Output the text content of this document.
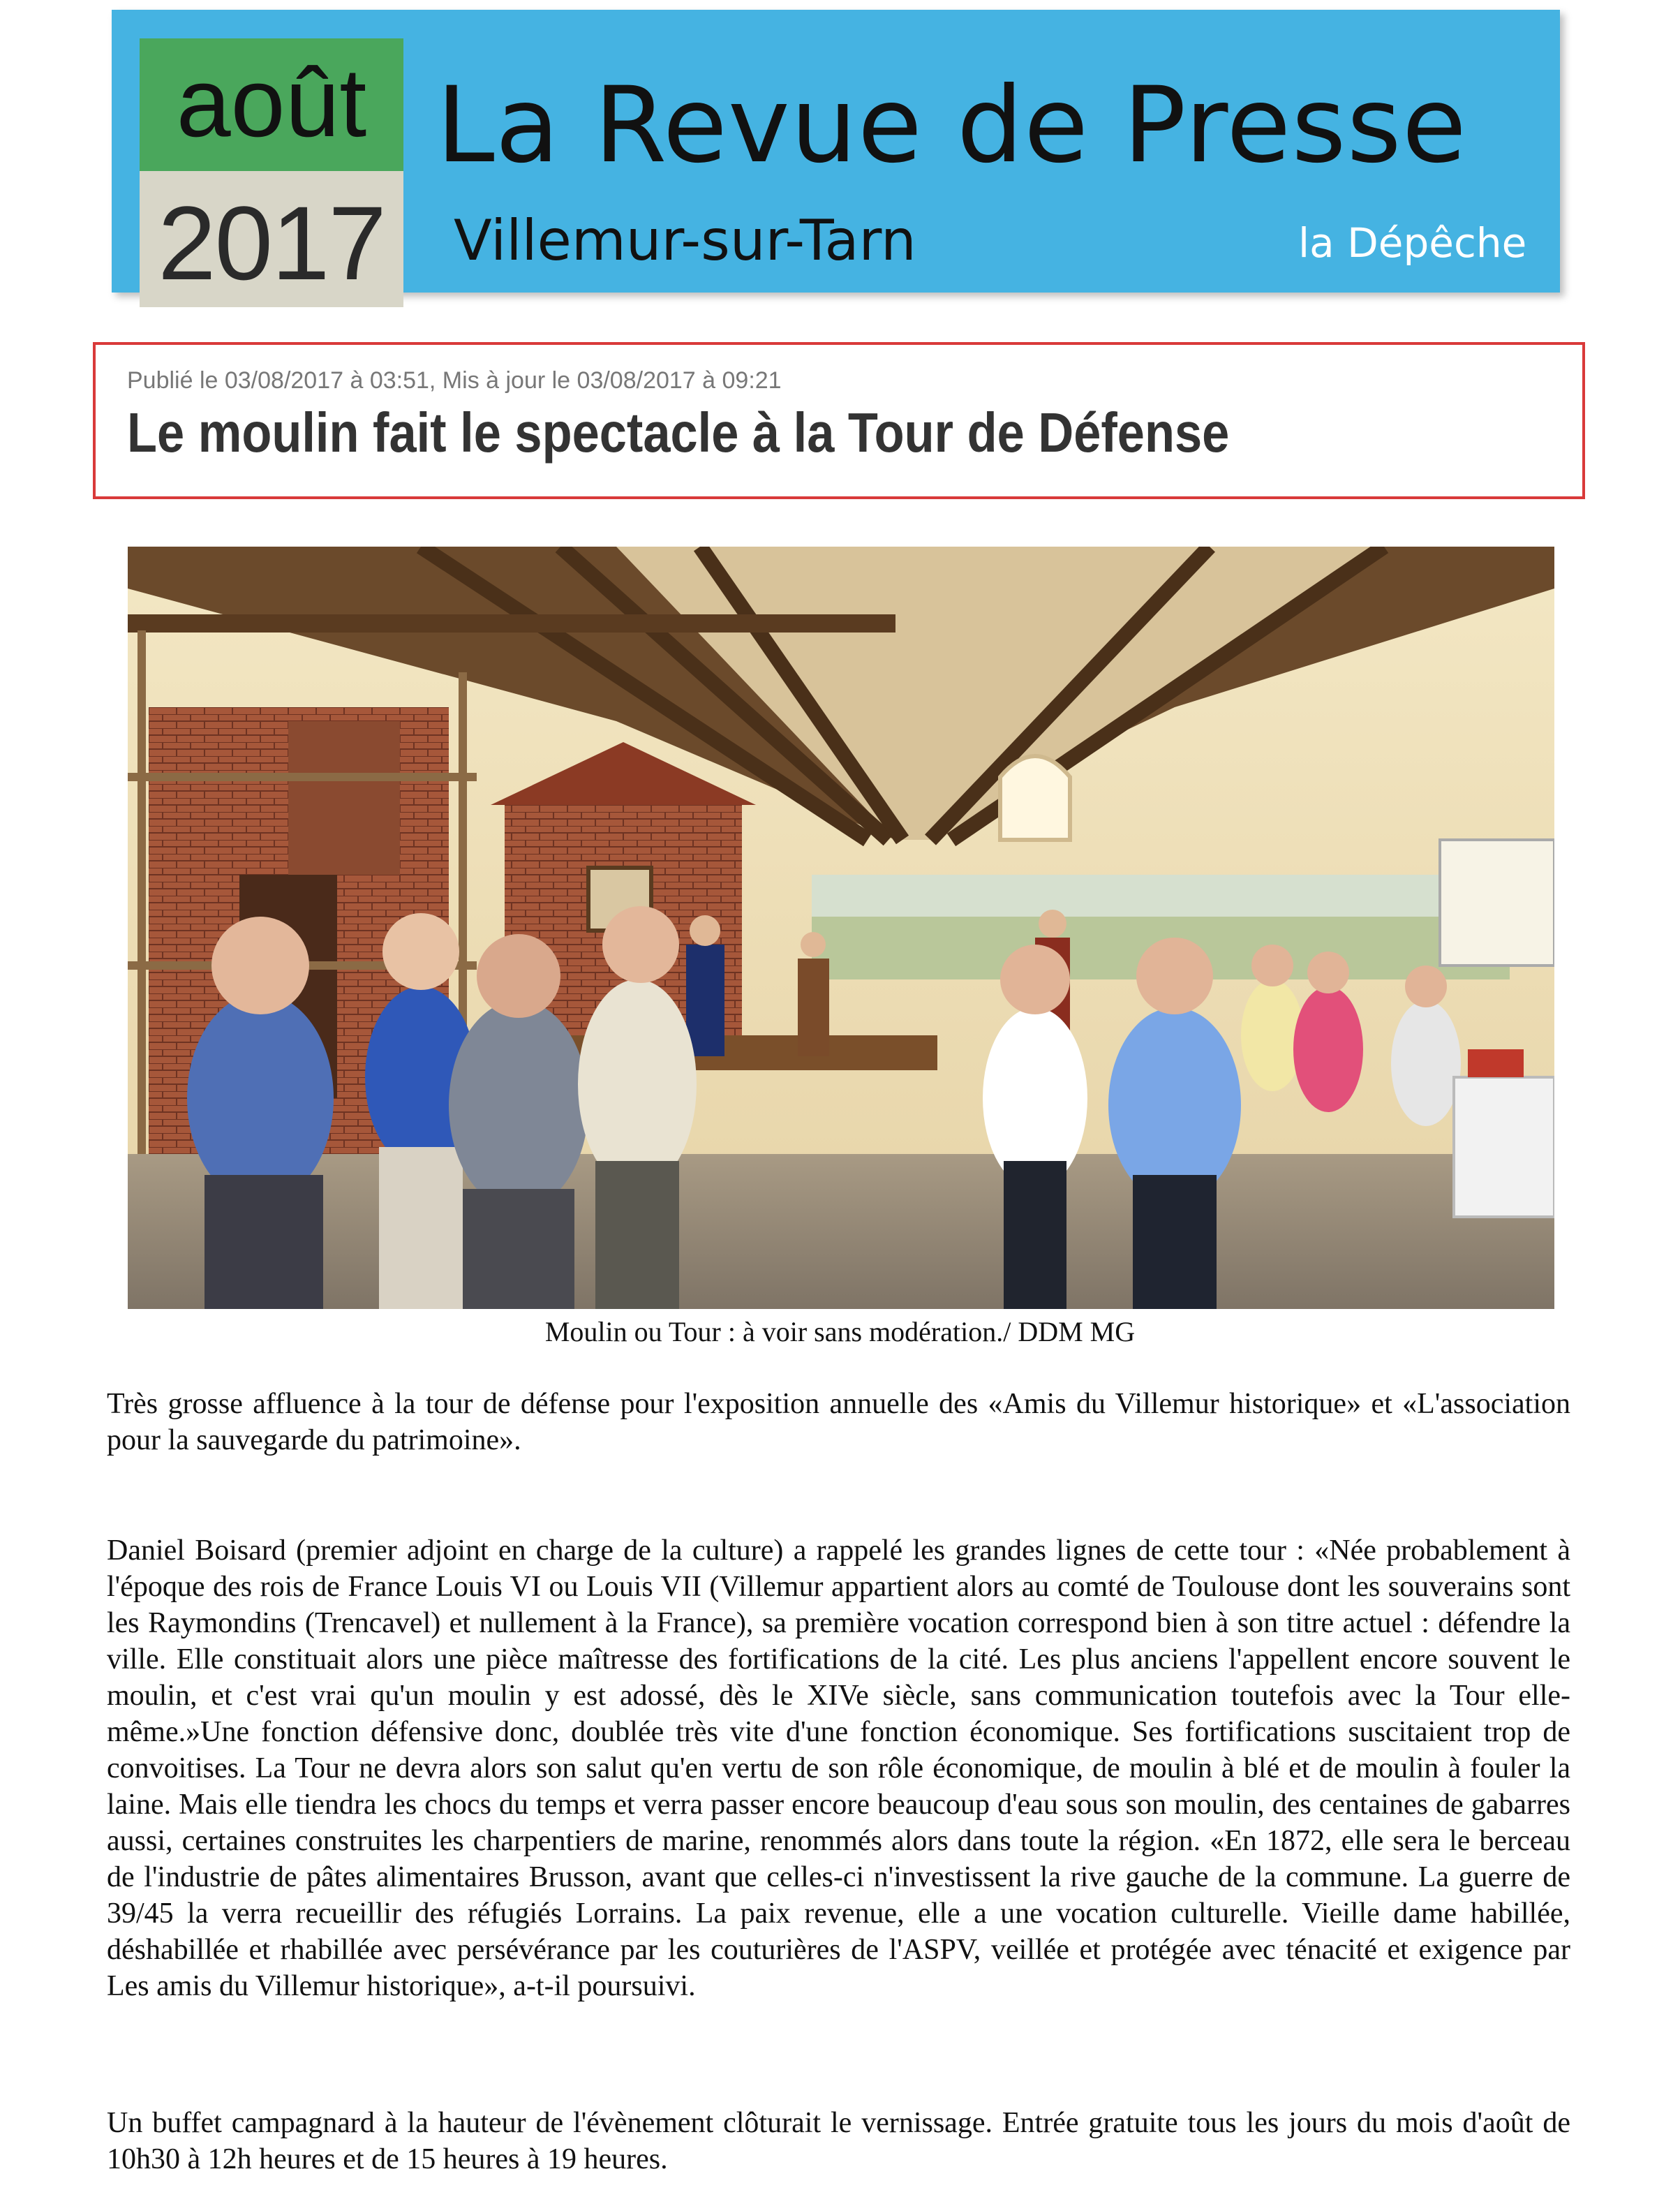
août
2017
La Revue de Presse
Villemur-sur-Tarn	la Dépêche
Publié le 03/08/2017 à 03:51, Mis à jour le 03/08/2017 à 09:21
Le moulin fait le spectacle à la Tour de Défense
Moulin ou Tour : à voir sans modération./ DDM MG

Très grosse affluence à la tour de défense pour l'exposition annuelle des «Amis du Villemur historique» et «L'association pour la sauvegarde du patrimoine».

Daniel Boisard (premier adjoint en charge de la culture) a rappelé les grandes lignes de cette tour : «Née probablement à l'époque des rois de France Louis VI ou Louis VII (Villemur appartient alors au comté de Toulouse dont les souverains sont les Raymondins (Trencavel) et nullement à la France), sa première vocation correspond bien à son titre actuel : défendre la ville. Elle constituait alors une pièce maîtresse des fortifications de la cité. Les plus anciens l'appellent encore souvent le moulin, et c'est vrai qu'un moulin y est adossé, dès le XIVe siècle, sans communication toutefois avec la Tour elle-même.»Une fonction défensive donc, doublée très vite d'une fonction économique. Ses fortifications suscitaient trop de convoitises. La Tour ne devra alors son salut qu'en vertu de son rôle économique, de moulin à blé et de moulin à fouler la laine. Mais elle tiendra les chocs du temps et verra passer encore beaucoup d'eau sous son moulin, des centaines de gabarres aussi, certaines construites les charpentiers de marine, renommés alors dans toute la région. «En 1872, elle sera le berceau de l'industrie de pâtes alimentaires Brusson, avant que celles-ci n'investissent la rive gauche de la commune. La guerre de 39/45 la verra recueillir des réfugiés Lorrains. La paix revenue, elle a une vocation culturelle. Vieille dame habillée, déshabillée et rhabillée avec persévérance par les couturières de l'ASPV, veillée et protégée avec ténacité et exigence par Les amis du Villemur historique», a-t-il poursuivi.

Un buffet campagnard à la hauteur de l'évènement clôturait le vernissage. Entrée gratuite tous les jours du mois d'août de 10h30 à 12h heures et de 15 heures à 19 heures.
